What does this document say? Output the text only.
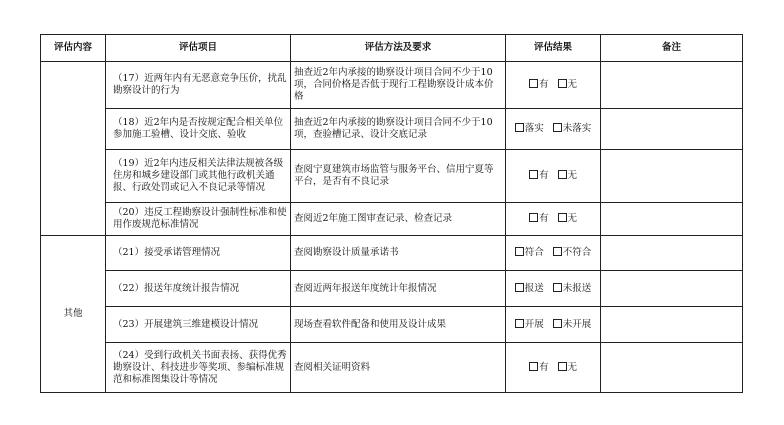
评估内容	评估项目	评估方法及要求	评估结果	备注

	（17）近两年内有无恶意竞争压价，扰乱勘察设计的行为	抽查近2年内承接的勘察设计项目合同不少于10项，合同价格是否低于现行工程勘察设计成本价格	有 无	

	（18）近2年内是否按规定配合相关单位参加施工验槽、设计交底、验收	抽查近2年内承接的勘察设计项目合同不少于10项，查验槽记录、设计交底记录	落实 未落实	

	（19）近2年内违反相关法律法规被各级住房和城乡建设部门或其他行政机关通报、行政处罚或记入不良记录等情况	查阅宁夏建筑市场监管与服务平台、信用宁夏等平台，是否有不良记录	有 无	

	（20）违反工程勘察设计强制性标准和使用作废规范标准情况	查阅近2年施工图审查记录、检查记录	有 无	
其他	（21）接受承诺管理情况	查阅勘察设计质量承诺书	符合 不符合	

	（22）报送年度统计报告情况	查阅近两年报送年度统计年报情况	报送 未报送	

	（23）开展建筑三维建模设计情况	现场查看软件配备和使用及设计成果	开展 未开展	

	（24）受到行政机关书面表扬、获得优秀勘察设计、科技进步等奖项、参编标准规范和标准图集设计等情况	查阅相关证明资料	有 无	
